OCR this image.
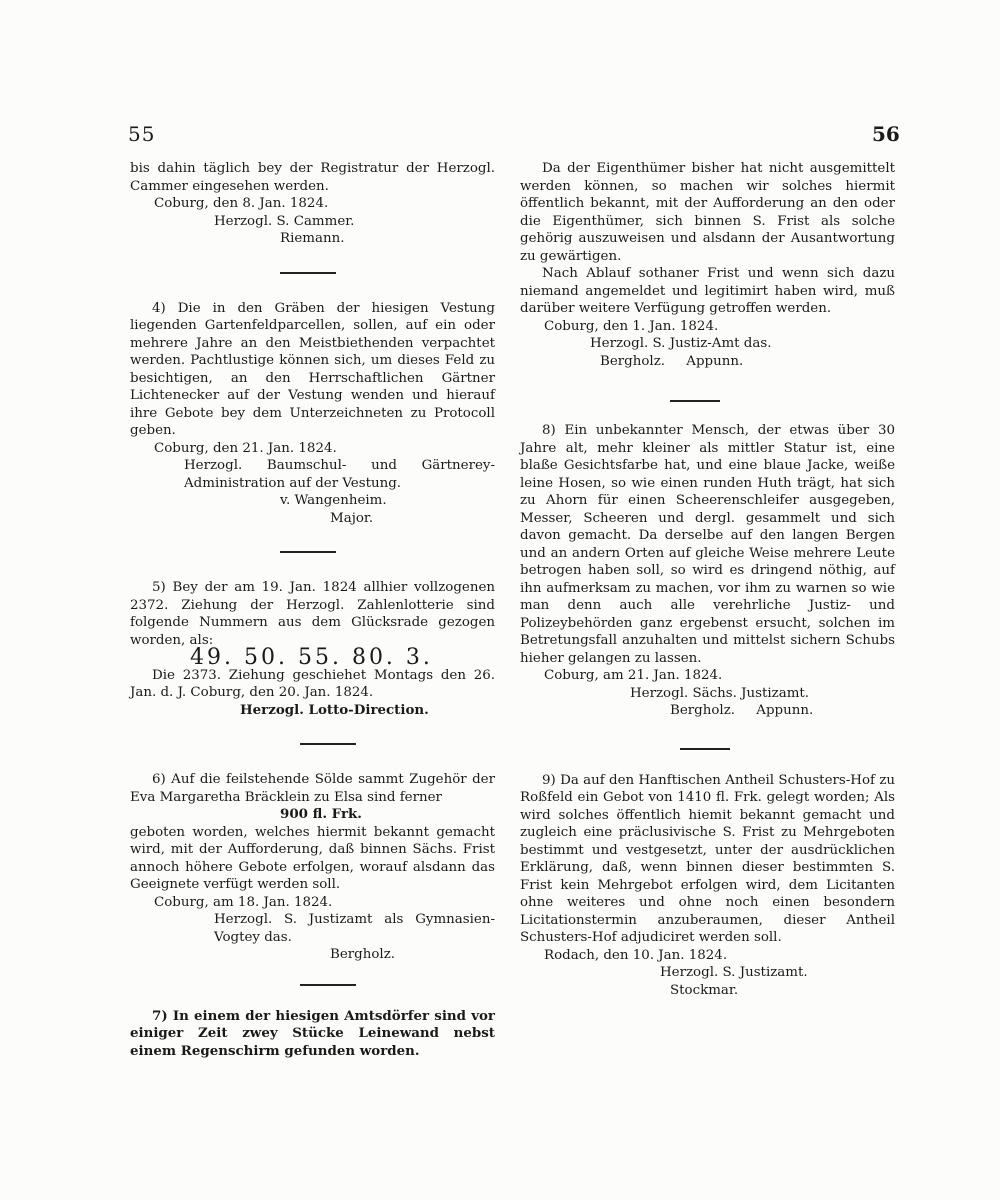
55	56

bis dahin täglich bey der Registratur der Herzogl. Cammer eingesehen werden.

Coburg, den 8. Jan. 1824.

Herzogl. S. Cammer.

Riemann.

4) Die in den Gräben der hiesigen Vestung liegenden Gartenfeldparcellen, sollen, auf ein oder mehrere Jahre an den Meistbiethenden verpachtet werden. Pachtlustige können sich, um dieses Feld zu besichtigen, an den Herrschaftlichen Gärtner Lichtenecker auf der Vestung wenden und hierauf ihre Gebote bey dem Unterzeichneten zu Protocoll geben.

Coburg, den 21. Jan. 1824.

Herzogl. Baumschul- und Gärtnerey-Administration auf der Vestung.

v. Wangenheim.

Major.

5) Bey der am 19. Jan. 1824 allhier vollzogenen 2372. Ziehung der Herzogl. Zahlenlotterie sind folgende Nummern aus dem Glücksrade gezogen worden, als:

49. 50. 55. 80. 3.

Die 2373. Ziehung geschiehet Montags den 26. Jan. d. J. Coburg, den 20. Jan. 1824.

Herzogl. Lotto-Direction.

6) Auf die feilstehende Sölde sammt Zugehör der Eva Margaretha Bräcklein zu Elsa sind ferner

900 fl. Frk.

geboten worden, welches hiermit bekannt gemacht wird, mit der Aufforderung, daß binnen Sächs. Frist annoch höhere Gebote erfolgen, worauf alsdann das Geeignete verfügt werden soll.

Coburg, am 18. Jan. 1824.

Herzogl. S. Justizamt als Gymnasien-Vogtey das.

Bergholz.

7) In einem der hiesigen Amtsdörfer sind vor einiger Zeit zwey Stücke Leinewand nebst einem Regenschirm gefunden worden.

Da der Eigenthümer bisher hat nicht ausgemittelt werden können, so machen wir solches hiermit öffentlich bekannt, mit der Aufforderung an den oder die Eigenthümer, sich binnen S. Frist als solche gehörig auszuweisen und alsdann der Ausantwortung zu gewärtigen.

Nach Ablauf sothaner Frist und wenn sich dazu niemand angemeldet und legitimirt haben wird, muß darüber weitere Verfügung getroffen werden.

Coburg, den 1. Jan. 1824.

Herzogl. S. Justiz-Amt das.

Bergholz.     Appunn.

8) Ein unbekannter Mensch, der etwas über 30 Jahre alt, mehr kleiner als mittler Statur ist, eine blaße Gesichtsfarbe hat, und eine blaue Jacke, weiße leine Hosen, so wie einen runden Huth trägt, hat sich zu Ahorn für einen Scheerenschleifer ausgegeben, Messer, Scheeren und dergl. gesammelt und sich davon gemacht. Da derselbe auf den langen Bergen und an andern Orten auf gleiche Weise mehrere Leute betrogen haben soll, so wird es dringend nöthig, auf ihn aufmerksam zu machen, vor ihm zu warnen so wie man denn auch alle verehrliche Justiz- und Polizeybehörden ganz ergebenst ersucht, solchen im Betretungsfall anzuhalten und mittelst sichern Schubs hieher gelangen zu lassen.

Coburg, am 21. Jan. 1824.

Herzogl. Sächs. Justizamt.

Bergholz.     Appunn.

9) Da auf den Hanftischen Antheil Schusters-Hof zu Roßfeld ein Gebot von 1410 fl. Frk. gelegt worden; Als wird solches öffentlich hiemit bekannt gemacht und zugleich eine präclusivische S. Frist zu Mehrgeboten bestimmt und vestgesetzt, unter der ausdrücklichen Erklärung, daß, wenn binnen dieser bestimmten S. Frist kein Mehrgebot erfolgen wird, dem Licitanten ohne weiteres und ohne noch einen besondern Licitationstermin anzuberaumen, dieser Antheil Schusters-Hof adjudiciret werden soll.

Rodach, den 10. Jan. 1824.

Herzogl. S. Justizamt.

Stockmar.
